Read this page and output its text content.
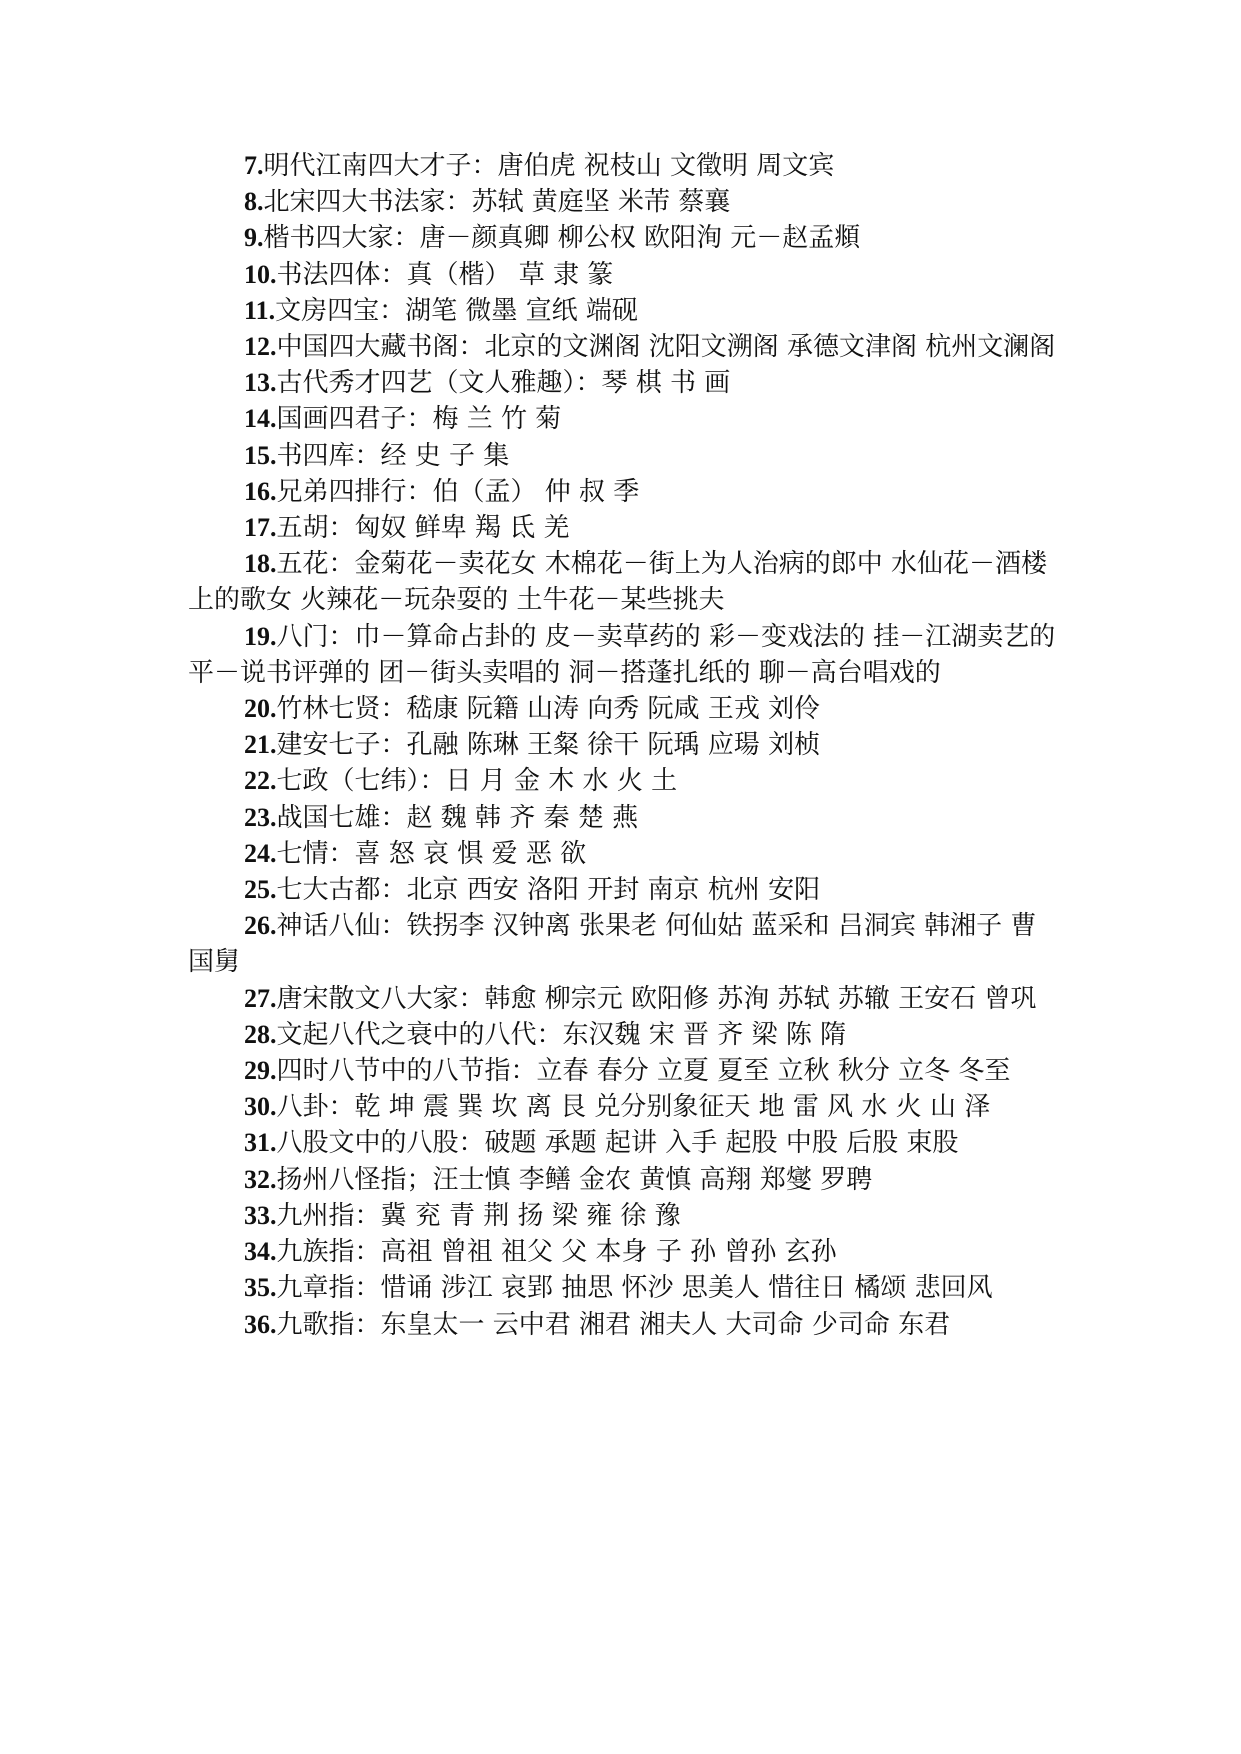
7.明代江南四大才子：唐伯虎 祝枝山 文徵明 周文宾

8.北宋四大书法家：苏轼 黄庭坚 米芾 蔡襄

9.楷书四大家：唐－颜真卿 柳公权 欧阳洵 元－赵孟頫

10.书法四体：真（楷） 草 隶 篆

11.文房四宝：湖笔 微墨 宣纸 端砚

12.中国四大藏书阁：北京的文渊阁 沈阳文溯阁 承德文津阁 杭州文澜阁

13.古代秀才四艺（文人雅趣）：琴 棋 书 画

14.国画四君子：梅 兰 竹 菊

15.书四库：经 史 子 集

16.兄弟四排行：伯（孟） 仲 叔 季

17.五胡：匈奴 鲜卑 羯 氐 羌

18.五花：金菊花－卖花女 木棉花－街上为人治病的郎中 水仙花－酒楼上的歌女 火辣花－玩杂耍的 土牛花－某些挑夫

19.八门：巾－算命占卦的 皮－卖草药的 彩－变戏法的 挂－江湖卖艺的 平－说书评弹的 团－街头卖唱的 洞－搭蓬扎纸的 聊－高台唱戏的

20.竹林七贤：嵇康 阮籍 山涛 向秀 阮咸 王戎 刘伶

21.建安七子：孔融 陈琳 王粲 徐干 阮瑀 应瑒 刘桢

22.七政（七纬）：日 月 金 木 水 火 土

23.战国七雄：赵 魏 韩 齐 秦 楚 燕

24.七情：喜 怒 哀 惧 爱 恶 欲

25.七大古都：北京 西安 洛阳 开封 南京 杭州 安阳

26.神话八仙：铁拐李 汉钟离 张果老 何仙姑 蓝采和 吕洞宾 韩湘子 曹国舅

27.唐宋散文八大家：韩愈 柳宗元 欧阳修 苏洵 苏轼 苏辙 王安石 曾巩

28.文起八代之衰中的八代：东汉魏 宋 晋 齐 梁 陈 隋

29.四时八节中的八节指：立春 春分 立夏 夏至 立秋 秋分 立冬 冬至

30.八卦：乾 坤 震 巽 坎 离 艮 兑分别象征天 地 雷 风 水 火 山 泽

31.八股文中的八股：破题 承题 起讲 入手 起股 中股 后股 束股

32.扬州八怪指；汪士慎 李鳝 金农 黄慎 高翔 郑燮 罗聘

33.九州指：冀 兖 青 荆 扬 梁 雍 徐 豫

34.九族指：高祖 曾祖 祖父 父 本身 子 孙 曾孙 玄孙

35.九章指：惜诵 涉江 哀郢 抽思 怀沙 思美人 惜往日 橘颂 悲回风

36.九歌指：东皇太一 云中君 湘君 湘夫人 大司命 少司命 东君
